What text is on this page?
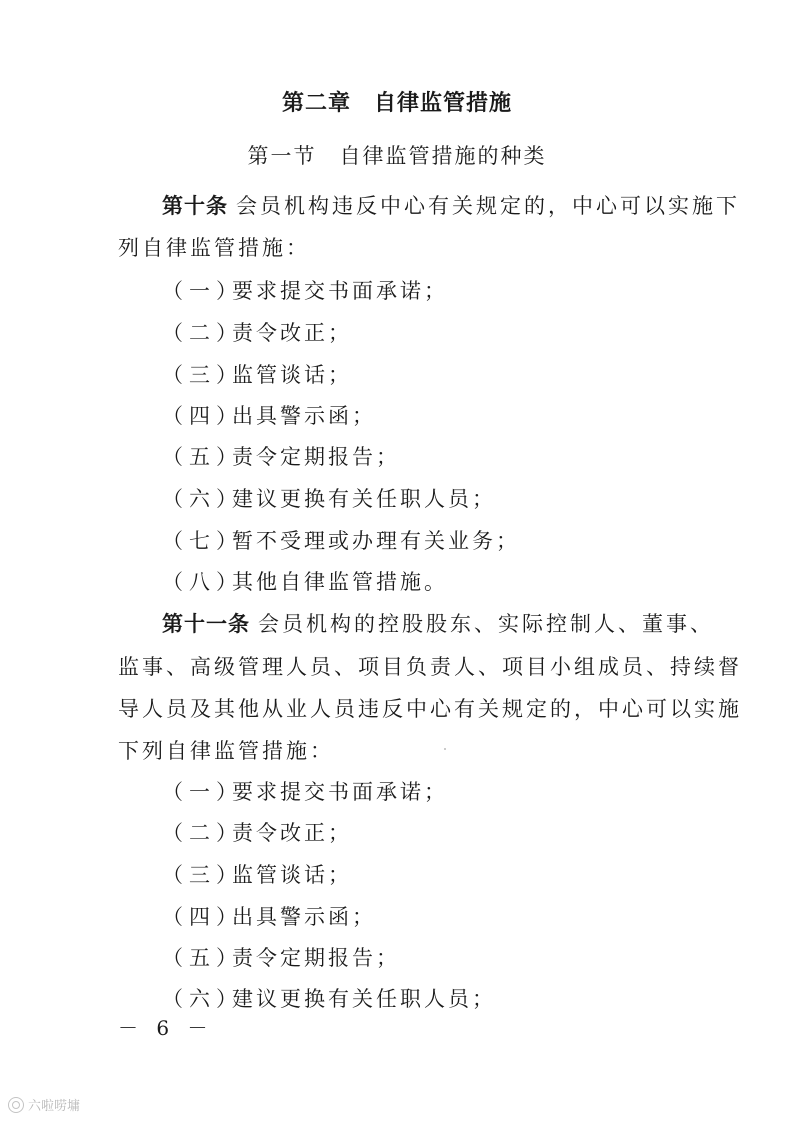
第二章　自律监管措施
第一节　自律监管措施的种类
第十条 会员机构违反中心有关规定的，中心可以实施下
列自律监管措施：
（一）要求提交书面承诺；
（二）责令改正；
（三）监管谈话；
（四）出具警示函；
（五）责令定期报告；
（六）建议更换有关任职人员；
（七）暂不受理或办理有关业务；
（八）其他自律监管措施。
第十一条 会员机构的控股股东、实际控制人、董事、
监事、高级管理人员、项目负责人、项目小组成员、持续督
导人员及其他从业人员违反中心有关规定的，中心可以实施
下列自律监管措施：
（一）要求提交书面承诺；
（二）责令改正；
（三）监管谈话；
（四）出具警示函；
（五）责令定期报告；
（六）建议更换有关任职人员；
－ 6 －
六啦唠墉
